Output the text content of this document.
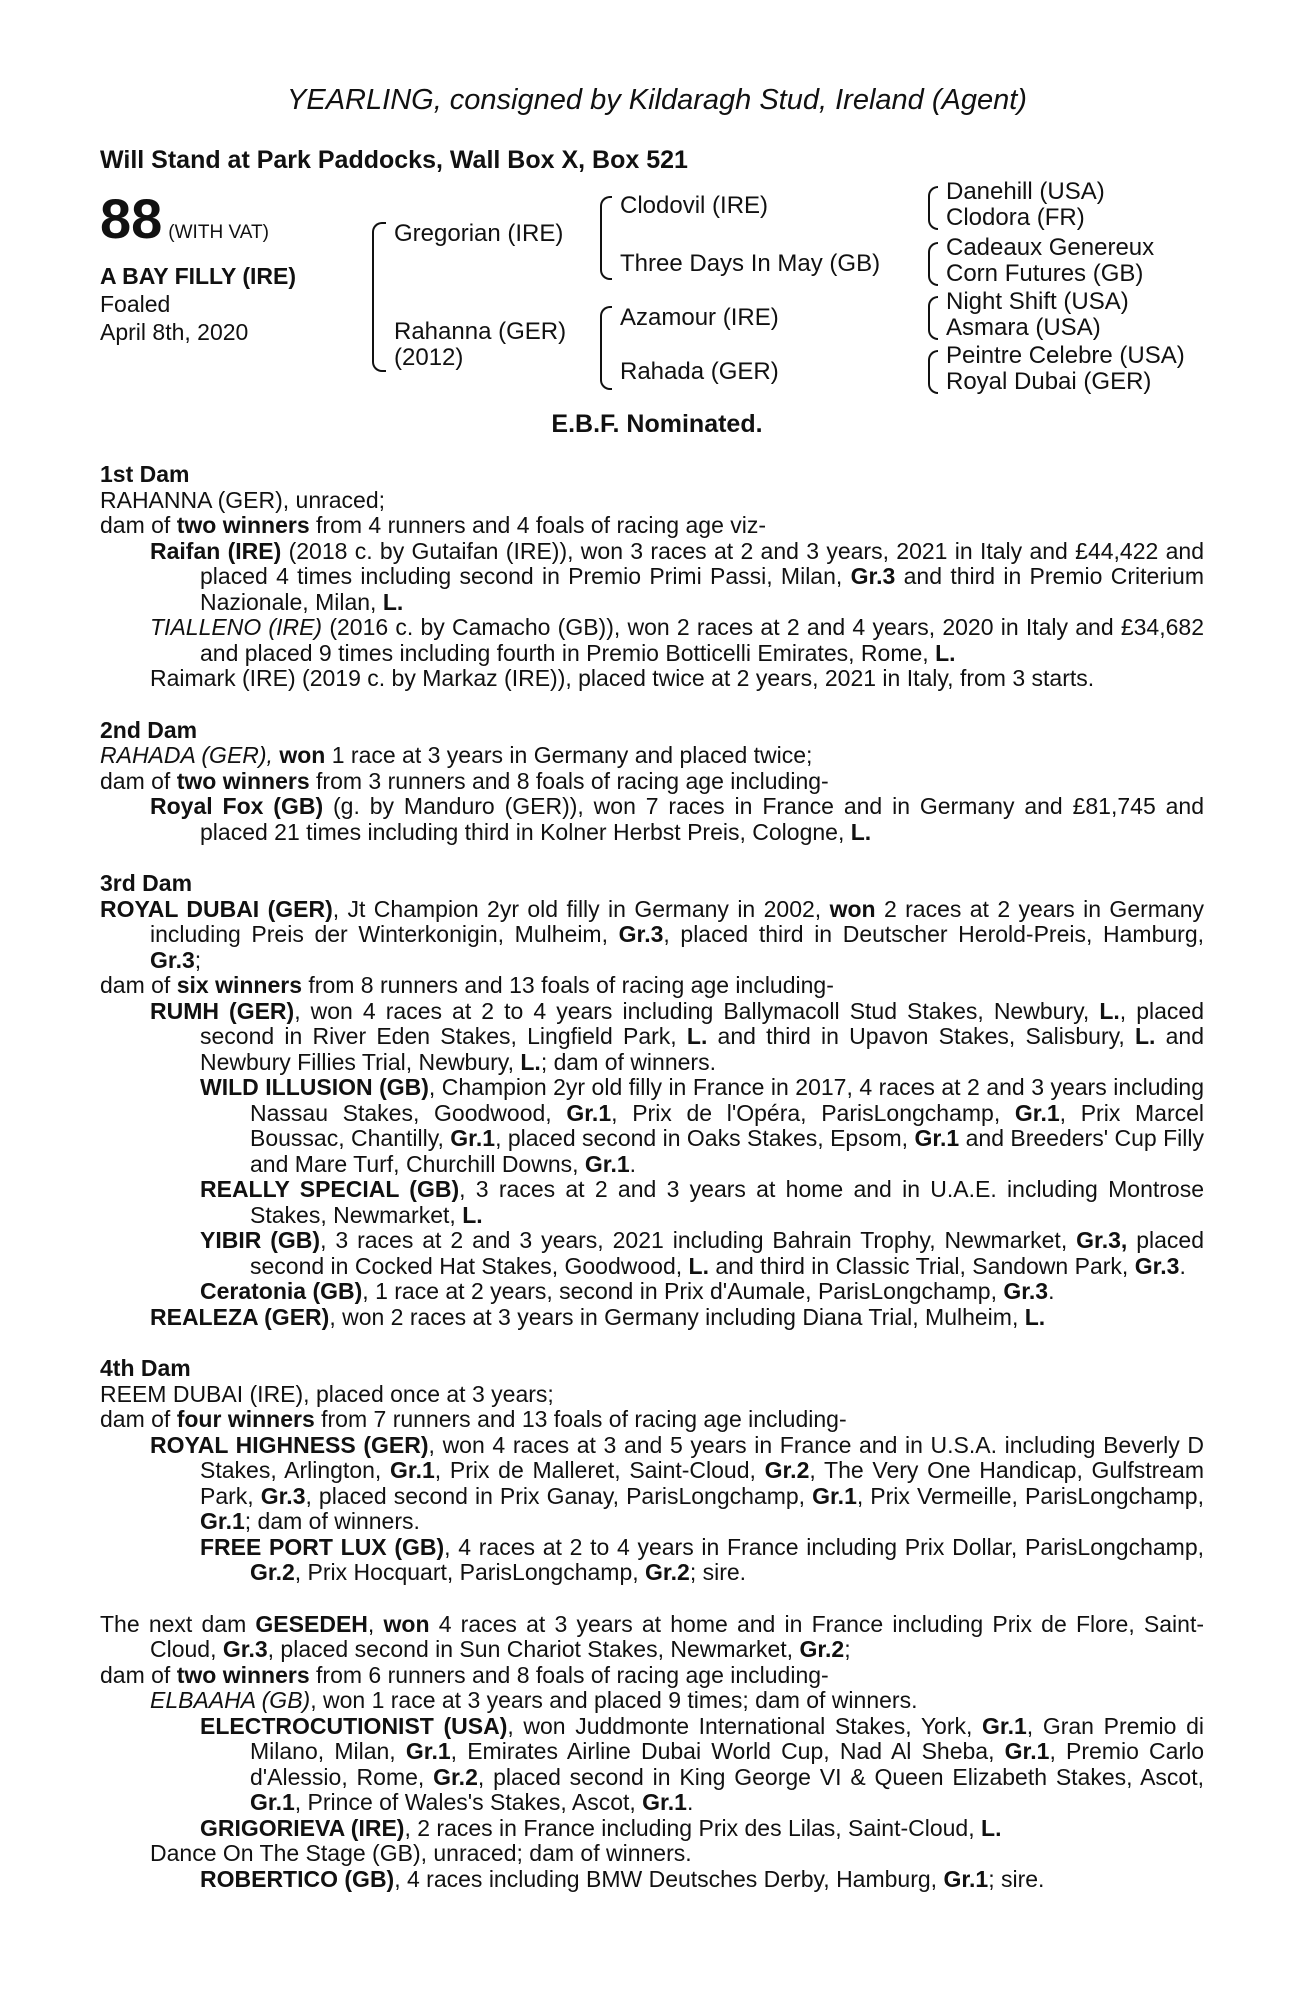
YEARLING, consigned by Kildaragh Stud, Ireland (Agent)
Will Stand at Park Paddocks, Wall Box X, Box 521
88 (WITH VAT)
A BAY FILLY (IRE)
Foaled
April 8th, 2020
Gregorian (IRE)
Rahanna (GER)
(2012)
Clodovil (IRE)
Three Days In May (GB)
Azamour (IRE)
Rahada (GER)
Danehill (USA)
Clodora (FR)
Cadeaux Genereux
Corn Futures (GB)
Night Shift (USA)
Asmara (USA)
Peintre Celebre (USA)
Royal Dubai (GER)
E.B.F. Nominated.
1st Dam

RAHANNA (GER), unraced;

dam of two winners from 4 runners and 4 foals of racing age viz-

Raifan (IRE) (2018 c. by Gutaifan (IRE)), won 3 races at 2 and 3 years, 2021 in Italy and £44,422 and placed 4 times including second in Premio Primi Passi, Milan, Gr.3 and third in Premio Criterium Nazionale, Milan, L.

TIALLENO (IRE) (2016 c. by Camacho (GB)), won 2 races at 2 and 4 years, 2020 in Italy and £34,682 and placed 9 times including fourth in Premio Botticelli Emirates, Rome, L.

Raimark (IRE) (2019 c. by Markaz (IRE)), placed twice at 2 years, 2021 in Italy, from 3 starts.

2nd Dam

RAHADA (GER), won 1 race at 3 years in Germany and placed twice;

dam of two winners from 3 runners and 8 foals of racing age including-

Royal Fox (GB) (g. by Manduro (GER)), won 7 races in France and in Germany and £81,745 and placed 21 times including third in Kolner Herbst Preis, Cologne, L.

3rd Dam

ROYAL DUBAI (GER), Jt Champion 2yr old filly in Germany in 2002, won 2 races at 2 years in Germany including Preis der Winterkonigin, Mulheim, Gr.3, placed third in Deutscher Herold-Preis, Hamburg, Gr.3;

dam of six winners from 8 runners and 13 foals of racing age including-

RUMH (GER), won 4 races at 2 to 4 years including Ballymacoll Stud Stakes, Newbury, L., placed second in River Eden Stakes, Lingfield Park, L. and third in Upavon Stakes, Salisbury, L. and Newbury Fillies Trial, Newbury, L.; dam of winners.

WILD ILLUSION (GB), Champion 2yr old filly in France in 2017, 4 races at 2 and 3 years including Nassau Stakes, Goodwood, Gr.1, Prix de l'Opéra, ParisLongchamp, Gr.1, Prix Marcel Boussac, Chantilly, Gr.1, placed second in Oaks Stakes, Epsom, Gr.1 and Breeders' Cup Filly and Mare Turf, Churchill Downs, Gr.1.

REALLY SPECIAL (GB), 3 races at 2 and 3 years at home and in U.A.E. including Montrose Stakes, Newmarket, L.

YIBIR (GB), 3 races at 2 and 3 years, 2021 including Bahrain Trophy, Newmarket, Gr.3, placed second in Cocked Hat Stakes, Goodwood, L. and third in Classic Trial, Sandown Park, Gr.3.

Ceratonia (GB), 1 race at 2 years, second in Prix d'Aumale, ParisLongchamp, Gr.3.

REALEZA (GER), won 2 races at 3 years in Germany including Diana Trial, Mulheim, L.

4th Dam

REEM DUBAI (IRE), placed once at 3 years;

dam of four winners from 7 runners and 13 foals of racing age including-

ROYAL HIGHNESS (GER), won 4 races at 3 and 5 years in France and in U.S.A. including Beverly D Stakes, Arlington, Gr.1, Prix de Malleret, Saint-Cloud, Gr.2, The Very One Handicap, Gulfstream Park, Gr.3, placed second in Prix Ganay, ParisLongchamp, Gr.1, Prix Vermeille, ParisLongchamp, Gr.1; dam of winners.

FREE PORT LUX (GB), 4 races at 2 to 4 years in France including Prix Dollar, ParisLongchamp, Gr.2, Prix Hocquart, ParisLongchamp, Gr.2; sire.

The next dam GESEDEH, won 4 races at 3 years at home and in France including Prix de Flore, Saint-Cloud, Gr.3, placed second in Sun Chariot Stakes, Newmarket, Gr.2;

dam of two winners from 6 runners and 8 foals of racing age including-

ELBAAHA (GB), won 1 race at 3 years and placed 9 times; dam of winners.

ELECTROCUTIONIST (USA), won Juddmonte International Stakes, York, Gr.1, Gran Premio di Milano, Milan, Gr.1, Emirates Airline Dubai World Cup, Nad Al Sheba, Gr.1, Premio Carlo d'Alessio, Rome, Gr.2, placed second in King George VI & Queen Elizabeth Stakes, Ascot, Gr.1, Prince of Wales's Stakes, Ascot, Gr.1.

GRIGORIEVA (IRE), 2 races in France including Prix des Lilas, Saint-Cloud, L.

Dance On The Stage (GB), unraced; dam of winners.

ROBERTICO (GB), 4 races including BMW Deutsches Derby, Hamburg, Gr.1; sire.
